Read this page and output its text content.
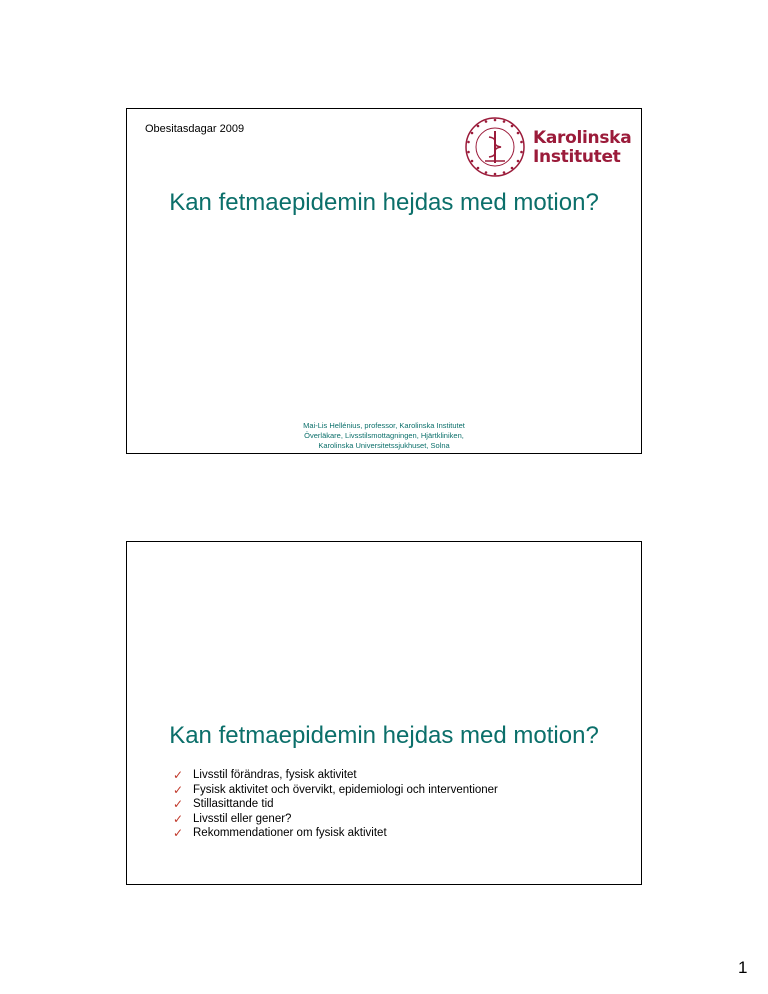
Obesitasdagar 2009	Karolinska
Institutet
Kan fetmaepidemin hejdas med motion?
Mai-Lis Hellénius, professor, Karolinska Institutet
Överläkare, Livsstilsmottagningen, Hjärtkliniken,
Karolinska Universitetssjukhuset, Solna
Kan fetmaepidemin hejdas med motion?
✓ Livsstil förändras, fysisk aktivitet
✓ Fysisk aktivitet och övervikt, epidemiologi och interventioner
✓ Stillasittande tid
✓ Livsstil eller gener?
✓ Rekommendationer om fysisk aktivitet
1
